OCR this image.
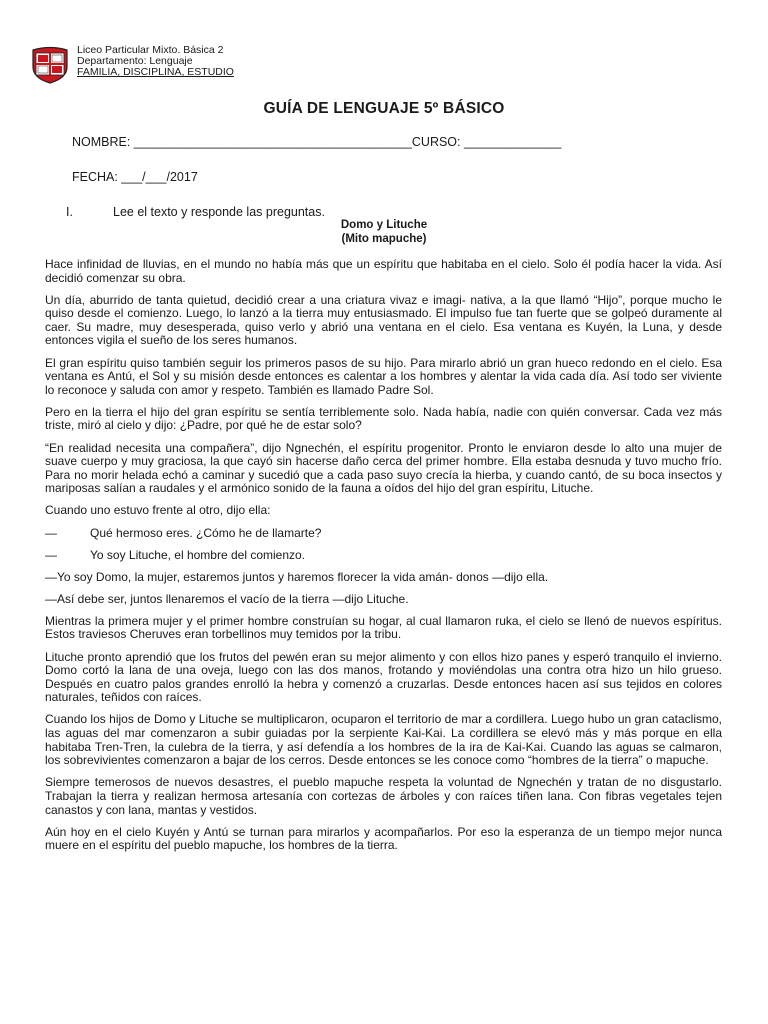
Liceo Particular Mixto. Básica 2
Departamento: Lenguaje
FAMILIA, DISCIPLINA, ESTUDIO
GUÍA DE LENGUAJE 5º BÁSICO
NOMBRE: ________________________________________CURSO: ______________
FECHA: ___/___/2017
I.	Lee el texto y responde las preguntas.
Domo y Lituche
(Mito mapuche)

Hace infinidad de lluvias, en el mundo no había más que un espíritu que habitaba en el cielo. Solo él podía hacer la vida. Así decidió comenzar su obra.

Un día, aburrido de tanta quietud, decidió crear a una criatura vivaz e imagi- nativa, a la que llamó “Hijo”, porque mucho le quiso desde el comienzo. Luego, lo lanzó a la tierra muy entusiasmado. El impulso fue tan fuerte que se golpeó duramente al caer. Su madre, muy desesperada, quiso verlo y abrió una ventana en el cielo. Esa ventana es Kuyén, la Luna, y desde entonces vigila el sueño de los seres humanos.

El gran espíritu quiso también seguir los primeros pasos de su hijo. Para mirarlo abrió un gran hueco redondo en el cielo. Esa ventana es Antú, el Sol y su misión desde entonces es calentar a los hombres y alentar la vida cada día. Así todo ser viviente lo reconoce y saluda con amor y respeto. También es llamado Padre Sol.

Pero en la tierra el hijo del gran espíritu se sentía terriblemente solo. Nada había, nadie con quién conversar. Cada vez más triste, miró al cielo y dijo: ¿Padre, por qué he de estar solo?

“En realidad necesita una compañera”, dijo Ngnechén, el espíritu progenitor. Pronto le enviaron desde lo alto una mujer de suave cuerpo y muy graciosa, la que cayó sin hacerse daño cerca del primer hombre. Ella estaba desnuda y tuvo mucho frío. Para no morir helada echó a caminar y sucedió que a cada paso suyo crecía la hierba, y cuando cantó, de su boca insectos y mariposas salían a raudales y el armónico sonido de la fauna a oídos del hijo del gran espíritu, Lituche.

Cuando uno estuvo frente al otro, dijo ella:

—	Qué hermoso eres. ¿Cómo he de llamarte?

—	Yo soy Lituche, el hombre del comienzo.

—Yo soy Domo, la mujer, estaremos juntos y haremos florecer la vida amán- donos —dijo ella.

—Así debe ser, juntos llenaremos el vacío de la tierra —dijo Lituche.

Mientras la primera mujer y el primer hombre construían su hogar, al cual llamaron ruka, el cielo se llenó de nuevos espíritus. Estos traviesos Cheruves eran torbellinos muy temidos por la tribu.

Lituche pronto aprendió que los frutos del pewén eran su mejor alimento y con ellos hizo panes y esperó tranquilo el invierno. Domo cortó la lana de una oveja, luego con las dos manos, frotando y moviéndolas una contra otra hizo un hilo grueso. Después en cuatro palos grandes enrolló la hebra y comenzó a cruzarlas. Desde entonces hacen así sus tejidos en colores naturales, teñidos con raíces.

Cuando los hijos de Domo y Lituche se multiplicaron, ocuparon el territorio de mar a cordillera. Luego hubo un gran cataclismo, las aguas del mar comenzaron a subir guiadas por la serpiente Kai-Kai. La cordillera se elevó más y más porque en ella habitaba Tren-Tren, la culebra de la tierra, y así defendía a los hombres de la ira de Kai-Kai. Cuando las aguas se calmaron, los sobrevivientes comenzaron a bajar de los cerros. Desde entonces se les conoce como “hombres de la tierra” o mapuche.

Siempre temerosos de nuevos desastres, el pueblo mapuche respeta la voluntad de Ngnechén y tratan de no disgustarlo. Trabajan la tierra y realizan hermosa artesanía con cortezas de árboles y con raíces tiñen lana. Con fibras vegetales tejen canastos y con lana, mantas y vestidos.

Aún hoy en el cielo Kuyén y Antú se turnan para mirarlos y acompañarlos. Por eso la esperanza de un tiempo mejor nunca muere en el espíritu del pueblo mapuche, los hombres de la tierra.
